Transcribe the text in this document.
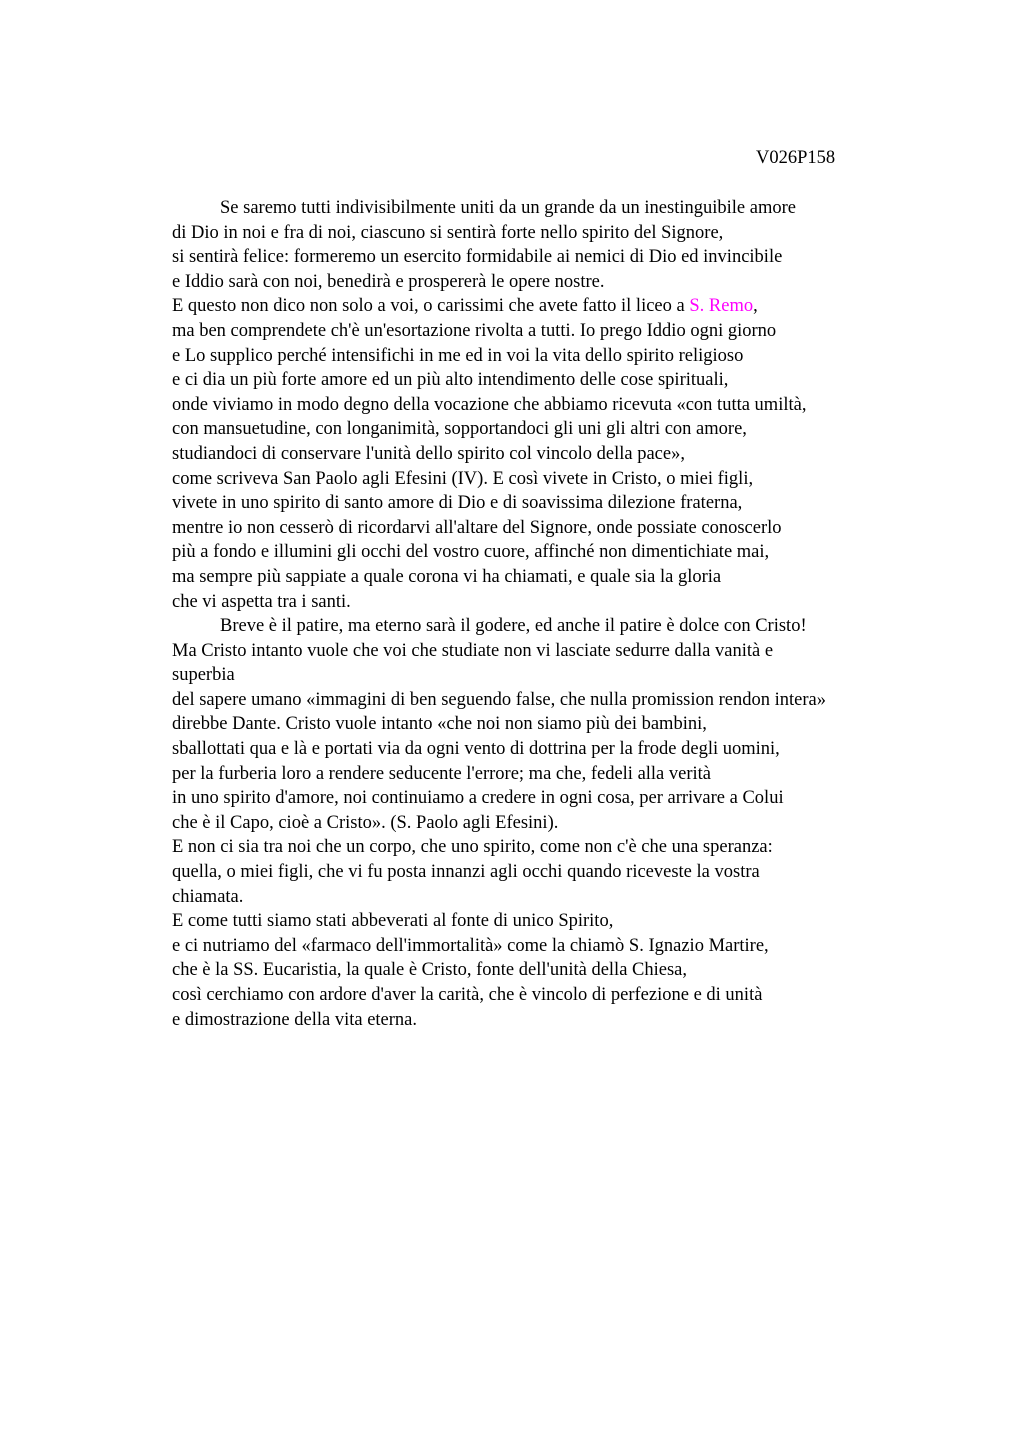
V026P158
Se saremo tutti indivisibilmente uniti da un grande da un inestinguibile amore
di Dio in noi e fra di noi, ciascuno si sentirà forte nello spirito del Signore,
si sentirà felice: formeremo un esercito formidabile ai nemici di Dio ed invincibile
e Iddio sarà con noi, benedirà e prospererà le opere nostre.
E questo non dico non solo a voi, o carissimi che avete fatto il liceo a S. Remo,
ma ben comprendete ch'è un'esortazione rivolta a tutti. Io prego Iddio ogni giorno
e Lo supplico perché intensifichi in me ed in voi la vita dello spirito religioso
e ci dia un più forte amore ed un più alto intendimento delle cose spirituali,
onde viviamo in modo degno della vocazione che abbiamo ricevuta «con tutta umiltà,
con mansuetudine, con longanimità, sopportandoci gli uni gli altri con amore,
studiandoci di conservare l'unità dello spirito col vincolo della pace»,
come scriveva San Paolo agli Efesini (IV). E così vivete in Cristo, o miei figli,
vivete in uno spirito di santo amore di Dio e di soavissima dilezione fraterna,
mentre io non cesserò di ricordarvi all'altare del Signore, onde possiate conoscerlo
più a fondo e illumini gli occhi del vostro cuore, affinché non dimentichiate mai,
ma sempre più sappiate a quale corona vi ha chiamati, e quale sia la gloria
che vi aspetta tra i santi.
Breve è il patire, ma eterno sarà il godere, ed anche il patire è dolce con Cristo!
Ma Cristo intanto vuole che voi che studiate non vi lasciate sedurre dalla vanità e
superbia
del sapere umano «immagini di ben seguendo false, che nulla promission rendon intera»
direbbe Dante. Cristo vuole intanto «che noi non siamo più dei bambini,
sballottati qua e là e portati via da ogni vento di dottrina per la frode degli uomini,
per la furberia loro a rendere seducente l'errore; ma che, fedeli alla verità
in uno spirito d'amore, noi continuiamo a credere in ogni cosa, per arrivare a Colui
che è il Capo, cioè a Cristo». (S. Paolo agli Efesini).
E non ci sia tra noi che un corpo, che uno spirito, come non c'è che una speranza:
quella, o miei figli, che vi fu posta innanzi agli occhi quando riceveste la vostra
chiamata.
E come tutti siamo stati abbeverati al fonte di unico Spirito,
e ci nutriamo del «farmaco dell'immortalità» come la chiamò S. Ignazio Martire,
che è la SS. Eucaristia, la quale è Cristo, fonte dell'unità della Chiesa,
così cerchiamo con ardore d'aver la carità, che è vincolo di perfezione e di unità
e dimostrazione della vita eterna.
